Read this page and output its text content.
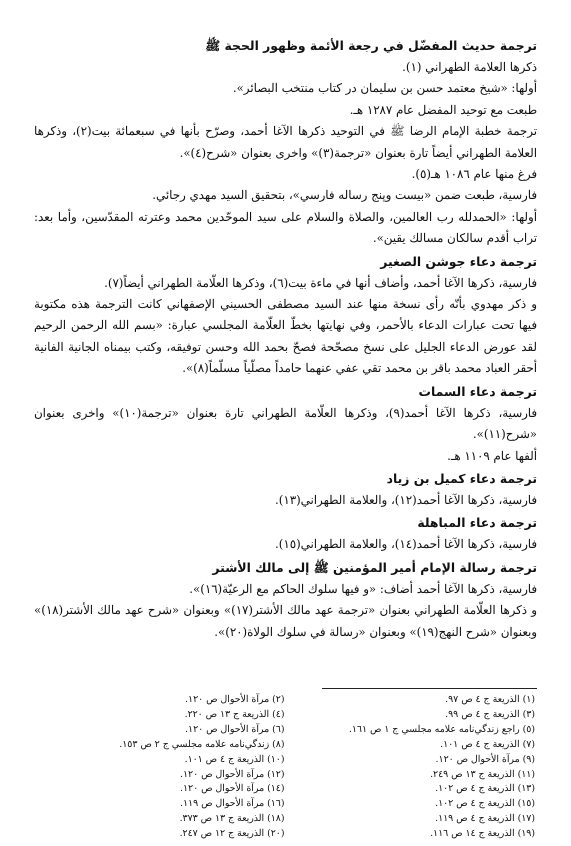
ترجمة حديث المفضّل في رجعة الأئمة وظهور الحجة ﷺ

ذكرها العلامة الطهراني (١).

أولها: «شيخ معتمد حسن بن سليمان در كتاب منتخب البصائر».

طبعت مع توحيد المفضل عام ١٢٨٧ هـ.

ترجمة خطبة الإمام الرضا ﷺ في التوحيد ذكرها الآغا أحمد، وصرّح بأنها في سبعمائة بيت(٢)، وذكرها العلامة الطهراني أيضاً تارة بعنوان «ترجمة(٣)» واخرى بعنوان «شرح(٤)».

فرغ منها عام ١٠٨٦ هـ(٥).

فارسية، طبعت ضمن «بيست وپنج رساله فارسي»، بتحقيق السيد مهدي رجائي.

أولها: «الحمدلله رب العالمين، والصلاة والسلام على سيد الموحّدين محمد وعترته المقدّسين، وأما بعد: تراب أقدم سالكان مسالك يقين».

ترجمة دعاء جوشن الصغير

فارسية، ذكرها الآغا أحمد، وأضاف أنها في ماءة بيت(٦)، وذكرها العلّامة الطهراني أيضاً(٧).

و ذكر مهدوي بأنّه رأى نسخة منها عند السيد مصطفى الحسيني الإصفهاني كانت الترجمة هذه مكتوبة فيها تحت عبارات الدعاء بالأحمر، وفي نهايتها بخطّ العلّامة المجلسي عبارة: «بسم الله الرحمن الرحيم لقد عورض الدعاء الجليل على نسخ مصحّحة فصحّ بحمد الله وحسن توفيقه، وكتب بيمناه الجانية الفانية أحقر العباد محمد باقر بن محمد تقي عفي عنهما حامداً مصلّياً مسلّماً(٨)».

ترجمة دعاء السمات

فارسية، ذكرها الآغا أحمد(٩)، وذكرها العلّامة الطهراني تارة بعنوان «ترجمة(١٠)» واخرى بعنوان «شرح(١١)».

ألفها عام ١١٠٩ هـ.

ترجمة دعاء كميل بن زياد

فارسية، ذكرها الآغا أحمد(١٢)، والعلامة الطهراني(١٣).

ترجمة دعاء المباهلة

فارسية، ذكرها الآغا أحمد(١٤)، والعلامة الطهراني(١٥).

ترجمة رسالة الإمام أمير المؤمنين ﷺ إلى مالك الأشتر

فارسية، ذكرها الآغا أحمد أضاف: «و فيها سلوك الحاكم مع الرعيّة(١٦)».

و ذكرها العلّامة الطهراني بعنوان «ترجمة عهد مالك الأشتر(١٧)» وبعنوان «شرح عهد مالك الأشتر(١٨)» وبعنوان «شرح النهج(١٩)» وبعنوان «رسالة في سلوك الولاة(٢٠)».

(١) الذريعة ج ٤ ص ٩٧.
(٣) الذريعة ج ٤ ص ٩٩.
(٥) راجع زندگي‌نامه علامه مجلسي ج ١ ص ١٦١.
(٧) الذريعة ج ٤ ص ١٠١.
(٩) مرآة الأحوال ص ١٢٠.
(١١) الذريعة ج ١٣ ص ٢٤٩.
(١٣) الذريعة ج ٤ ص ١٠٢.
(١٥) الذريعة ج ٤ ص ١٠٢.
(١٧) الذريعة ج ٤ ص ١١٩.
(١٩) الذريعة ج ١٤ ص ١١٦.
(٢) مرآة الأحوال ص ١٢٠.
(٤) الذريعة ج ١٣ ص ٢٢٠.
(٦) مرآة الأحوال ص ١٢٠.
(٨) زندگي‌نامه علامه مجلسي ج ٢ ص ١٥٣.
(١٠) الذريعة ج ٤ ص ١٠١.
(١٢) مرآة الأحوال ص ١٢٠.
(١٤) مرآة الأحوال ص ١٢٠.
(١٦) مرآة الأحوال ص ١١٩.
(١٨) الذريعة ج ١٣ ص ٣٧٣.
(٢٠) الذريعة ج ١٢ ص ٢٤٧.
